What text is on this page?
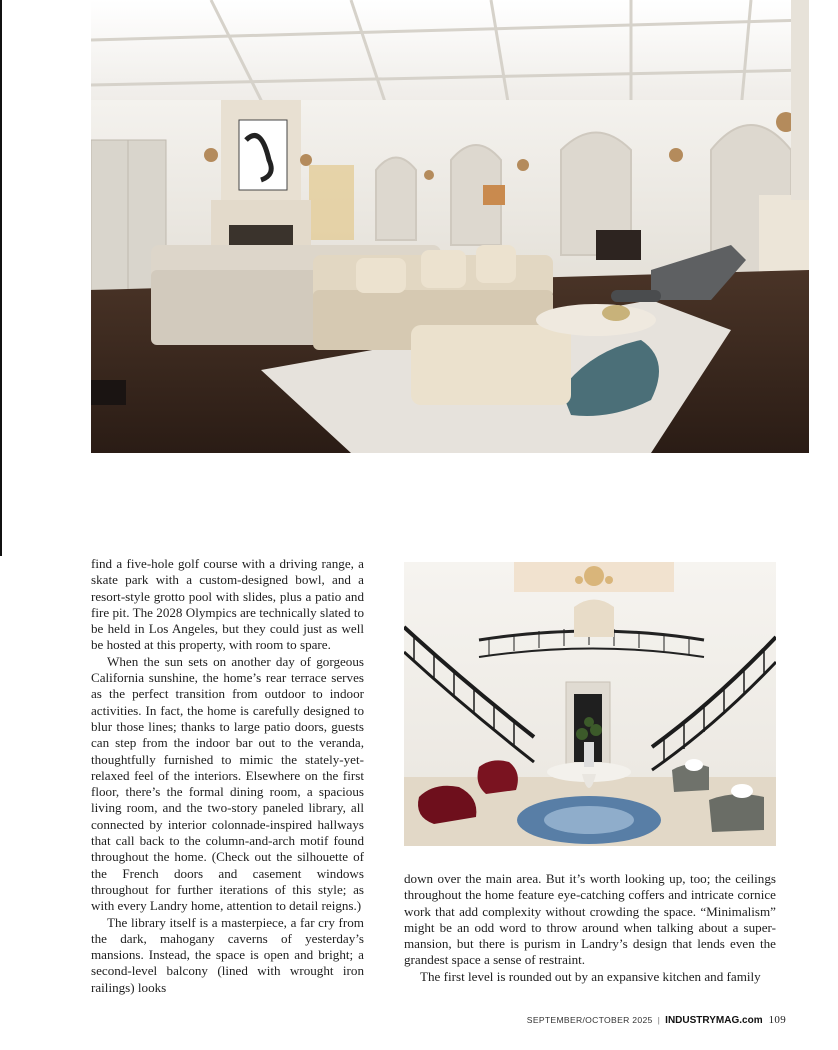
find a five-hole golf course with a driving range, a skate park with a custom-designed bowl, and a resort-style grotto pool with slides, plus a patio and fire pit. The 2028 Olympics are technically slated to be held in Los Angeles, but they could just as well be hosted at this property, with room to spare.

When the sun sets on another day of gorgeous California sunshine, the home’s rear terrace serves as the perfect transition from outdoor to indoor activities. In fact, the home is carefully designed to blur those lines; thanks to large patio doors, guests can step from the indoor bar out to the veranda, thoughtfully furnished to mimic the stately-yet-relaxed feel of the interiors. Elsewhere on the first floor, there’s the formal dining room, a spacious living room, and the two-story paneled library, all connected by interior colonnade-inspired hallways that call back to the column-and-arch motif found throughout the home. (Check out the silhouette of the French doors and casement windows throughout for further iterations of this style; as with every Landry home, attention to detail reigns.)

The library itself is a masterpiece, a far cry from the dark, mahogany caverns of yesterday’s mansions. Instead, the space is open and bright; a second-level balcony (lined with wrought iron railings) looks

down over the main area. But it’s worth looking up, too; the ceilings throughout the home feature eye-catching coffers and intricate cornice work that add complexity without crowding the space. “Minimalism” might be an odd word to throw around when talking about a super-mansion, but there is purism in Landry’s design that lends even the grandest space a sense of restraint.

The first level is rounded out by an expansive kitchen and family

SEPTEMBER/OCTOBER 2025 | INDUSTRYMAG.com 109
